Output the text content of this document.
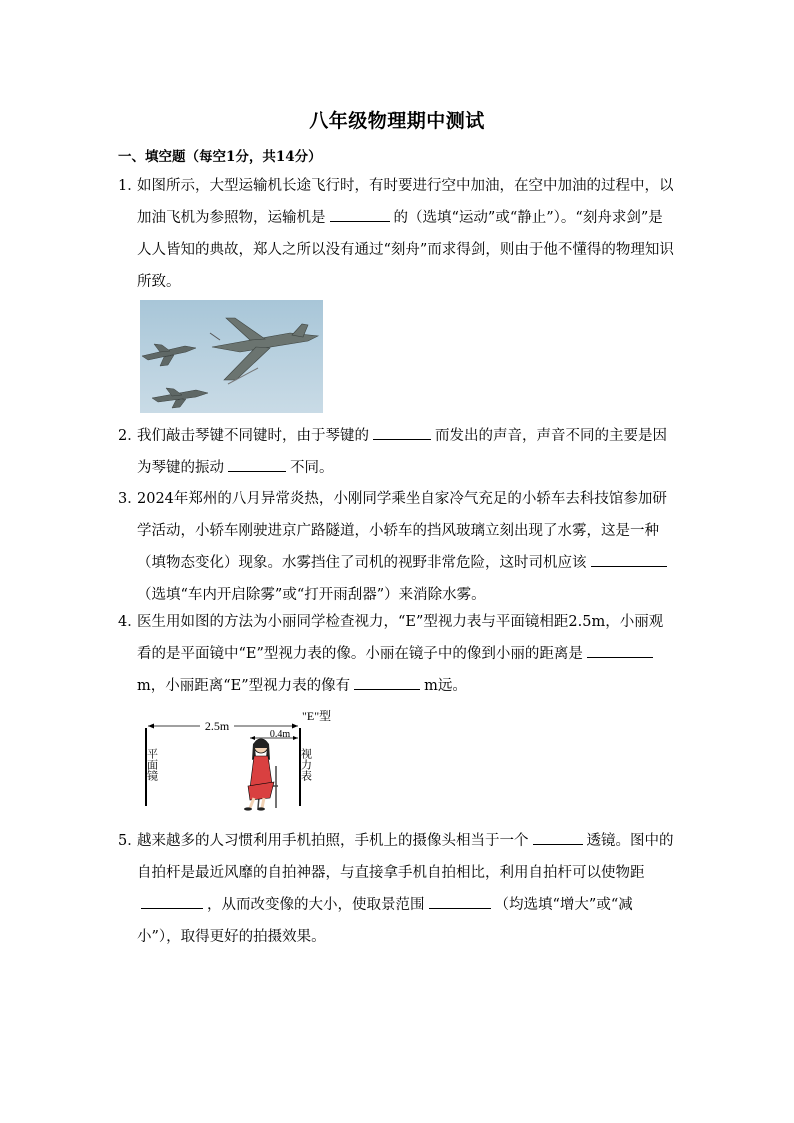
八年级物理期中测试
一、填空题（每空1分，共14分）
1．
如图所示，大型运输机长途飞行时，有时要进行空中加油，在空中加油的过程中，以加油飞机为参照物，运输机是	的（选填“运动”或“静止”）。“刻舟求剑”是人人皆知的典故，郑人之所以没有通过“刻舟”而求得剑，则由于他不懂得的物理知识所致。
2．
我们敲击琴键不同键时，由于琴键的	而发出的声音，声音不同的主要是因为琴键的振动	不同。
3．
2024年郑州的八月异常炎热，小刚同学乘坐自家冷气充足的小轿车去科技馆参加研学活动，小轿车刚驶进京广路隧道，小轿车的挡风玻璃立刻出现了水雾，这是一种（填物态变化）现象。水雾挡住了司机的视野非常危险，这时司机应该（选填“车内开启除雾”或“打开雨刮器”）来消除水雾。
4．
医生用如图的方法为小丽同学检查视力，“E”型视力表与平面镜相距2.5m，小丽观看的是平面镜中“E”型视力表的像。小丽在镜子中的像到小丽的距离是m，小丽距离“E”型视力表的像有	m远。
2.5m
0.4m
"E"型
平面镜	视力表
5．
越来越多的人习惯利用手机拍照，手机上的摄像头相当于一个	透镜。图中的自拍杆是最近风靡的自拍神器，与直接拿手机自拍相比，利用自拍杆可以使物距，从而改变像的大小，使取景范围	（均选填“增大”或“减小”），取得更好的拍摄效果。
